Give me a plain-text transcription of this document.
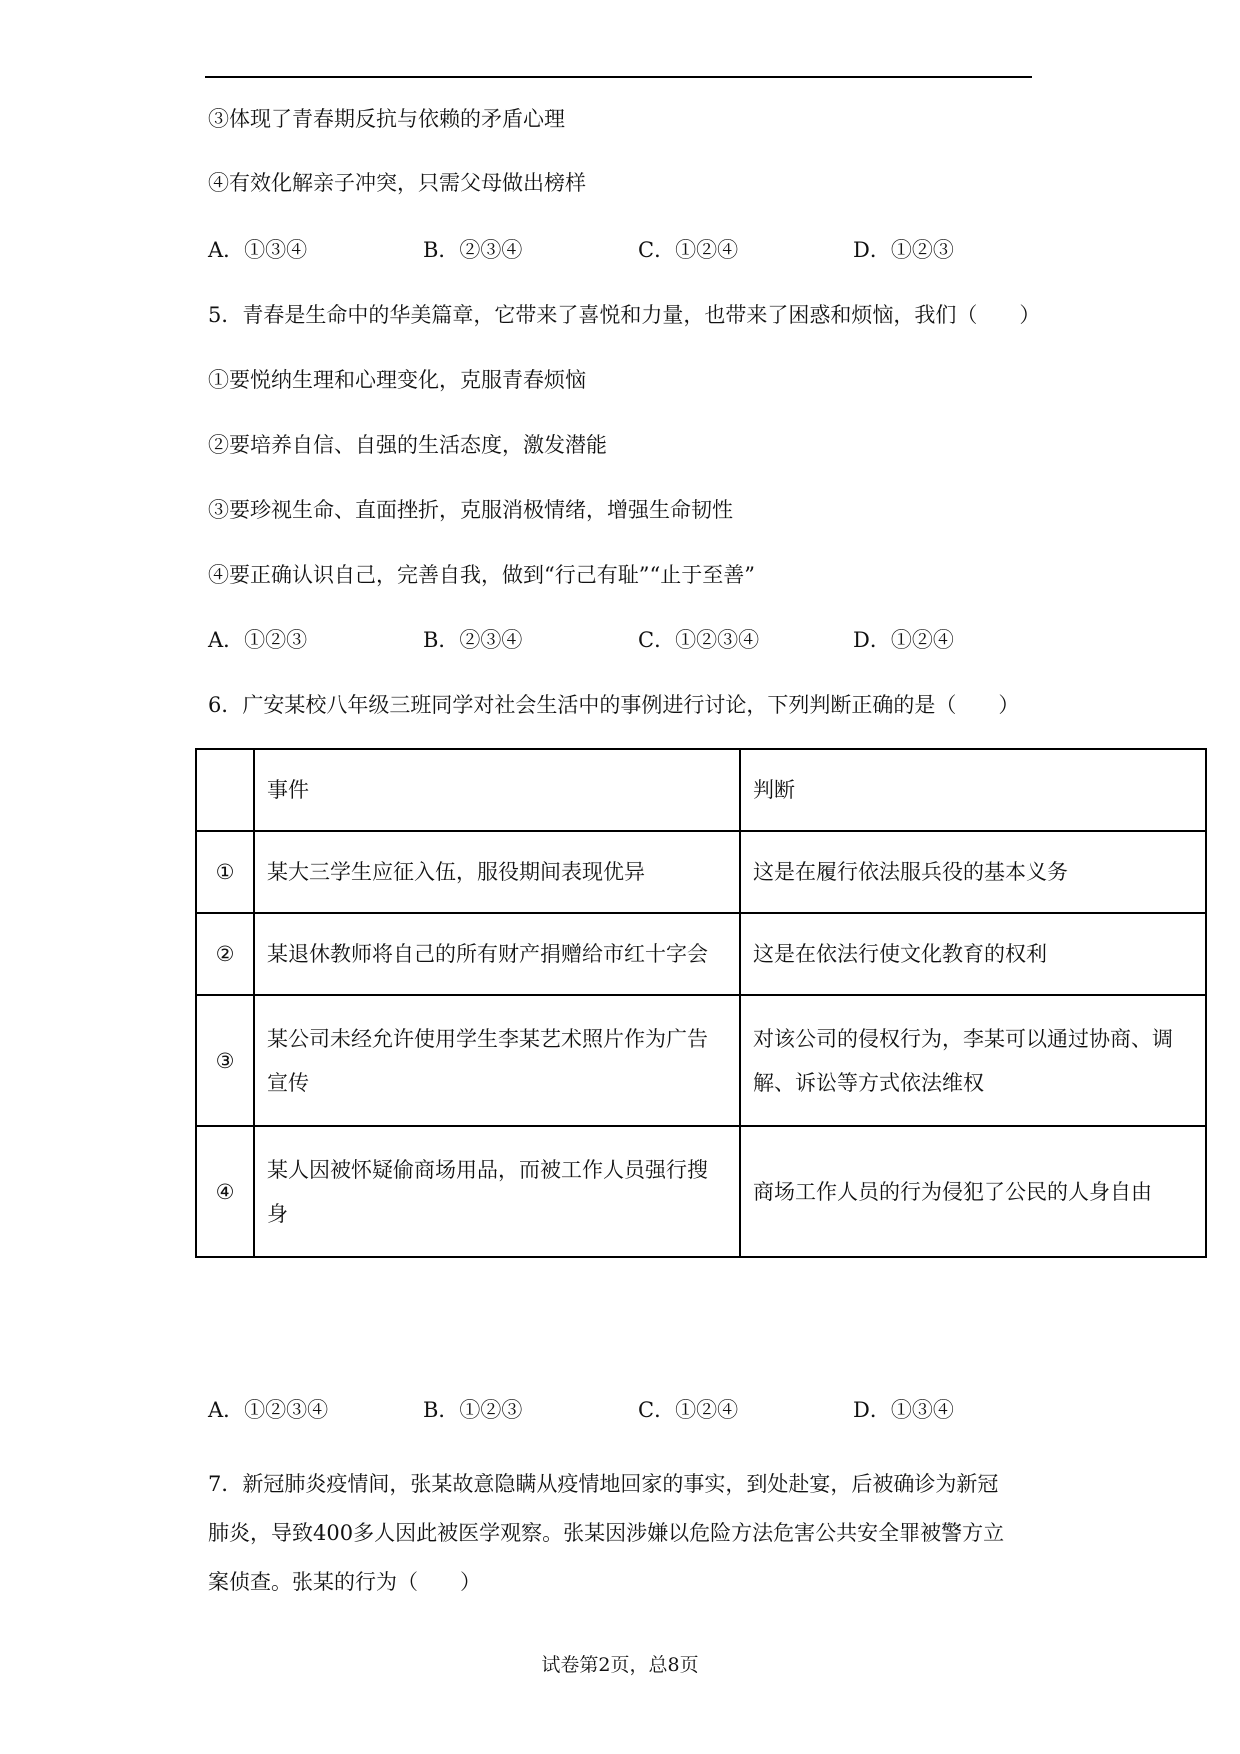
③体现了青春期反抗与依赖的矛盾心理
④有效化解亲子冲突，只需父母做出榜样
A．①③④	B．②③④	C．①②④	D．①②③
5．青春是生命中的华美篇章，它带来了喜悦和力量，也带来了困惑和烦恼，我们（　　）
①要悦纳生理和心理变化，克服青春烦恼
②要培养自信、自强的生活态度，激发潜能
③要珍视生命、直面挫折，克服消极情绪，增强生命韧性
④要正确认识自己，完善自我，做到“行己有耻”“止于至善”
A．①②③	B．②③④	C．①②③④	D．①②④
6．广安某校八年级三班同学对社会生活中的事例进行讨论，下列判断正确的是（　　）
	事件	判断
①	某大三学生应征入伍，服役期间表现优异	这是在履行依法服兵役的基本义务
②	某退休教师将自己的所有财产捐赠给市红十字会	这是在依法行使文化教育的权利
③	某公司未经允许使用学生李某艺术照片作为广告宣传	对该公司的侵权行为，李某可以通过协商、调解、诉讼等方式依法维权
④	某人因被怀疑偷商场用品，而被工作人员强行搜身	商场工作人员的行为侵犯了公民的人身自由
A．①②③④	B．①②③	C．①②④	D．①③④

7．新冠肺炎疫情间，张某故意隐瞒从疫情地回家的事实，到处赴宴，后被确诊为新冠

肺炎，导致400多人因此被医学观察。张某因涉嫌以危险方法危害公共安全罪被警方立

案侦查。张某的行为（　　）

试卷第2页，总8页
